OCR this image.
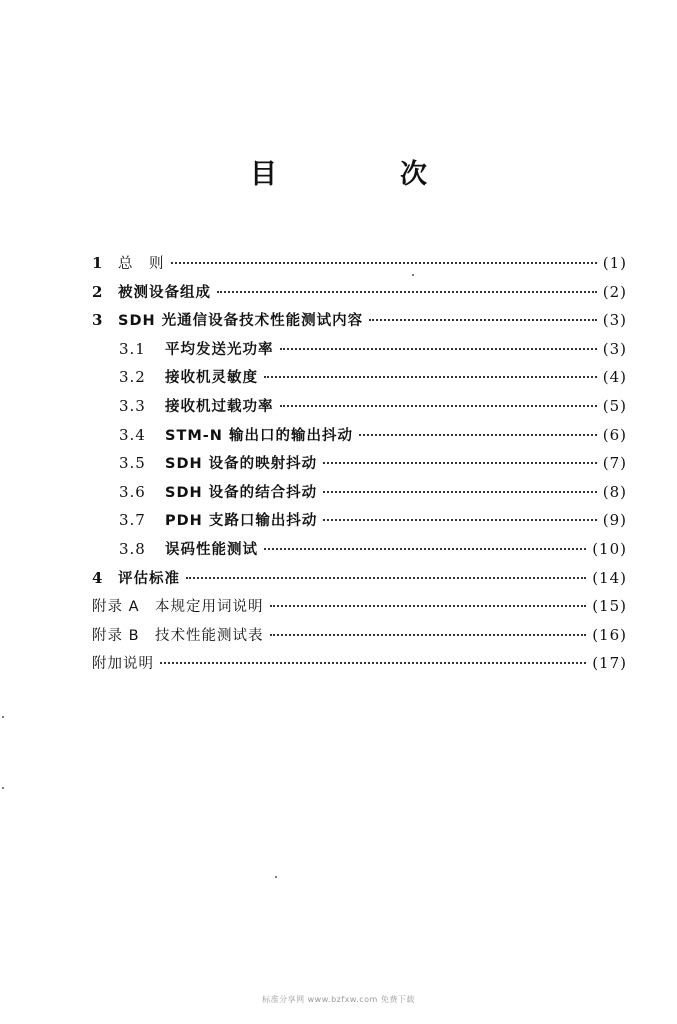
目　次
1	总　则	(1)
2	被测设备组成	(2)
3	SDH 光通信设备技术性能测试内容	(3)
3.1	平均发送光功率	(3)
3.2	接收机灵敏度	(4)
3.3	接收机过载功率	(5)
3.4	STM-N 输出口的输出抖动	(6)
3.5	SDH 设备的映射抖动	(7)
3.6	SDH 设备的结合抖动	(8)
3.7	PDH 支路口输出抖动	(9)
3.8	误码性能测试	(10)
4	评估标准	(14)
附录 A　本规定用词说明	(15)
附录 B　技术性能测试表	(16)
附加说明	(17)
标准分享网 www.bzfxw.com 免费下载
